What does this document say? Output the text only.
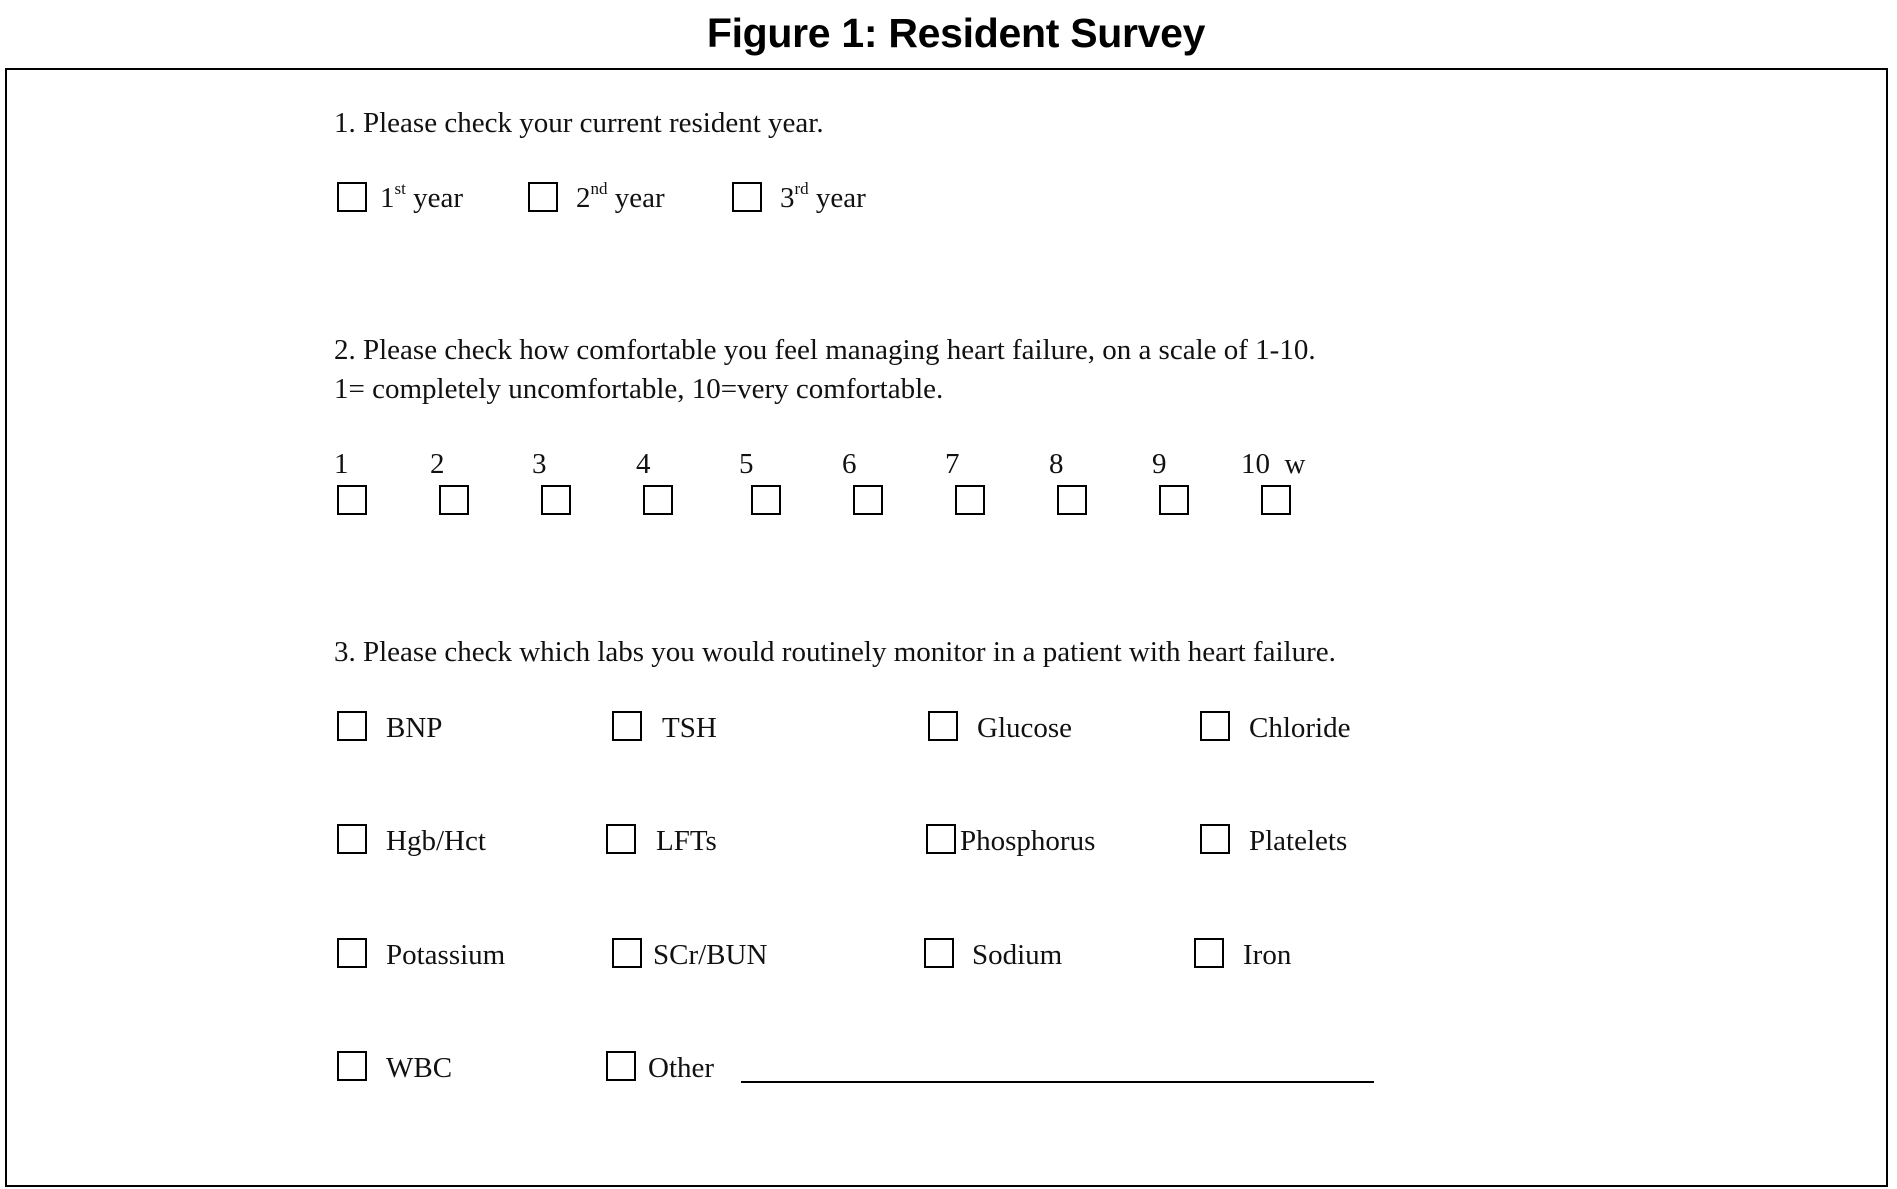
Figure 1: Resident Survey
1. Please check your current resident year.
1st year	2nd year	3rd year
2. Please check how comfortable you feel managing heart failure, on a scale of 1-10.
1= completely uncomfortable, 10=very comfortable.
1	2	3	4	5	6	7	8	9	10  w
3. Please check which labs you would routinely monitor in a patient with heart failure.
BNP	TSH	Glucose	Chloride
Hgb/Hct	LFTs	Phosphorus	Platelets
Potassium	SCr/BUN	Sodium	Iron
WBC	Other
